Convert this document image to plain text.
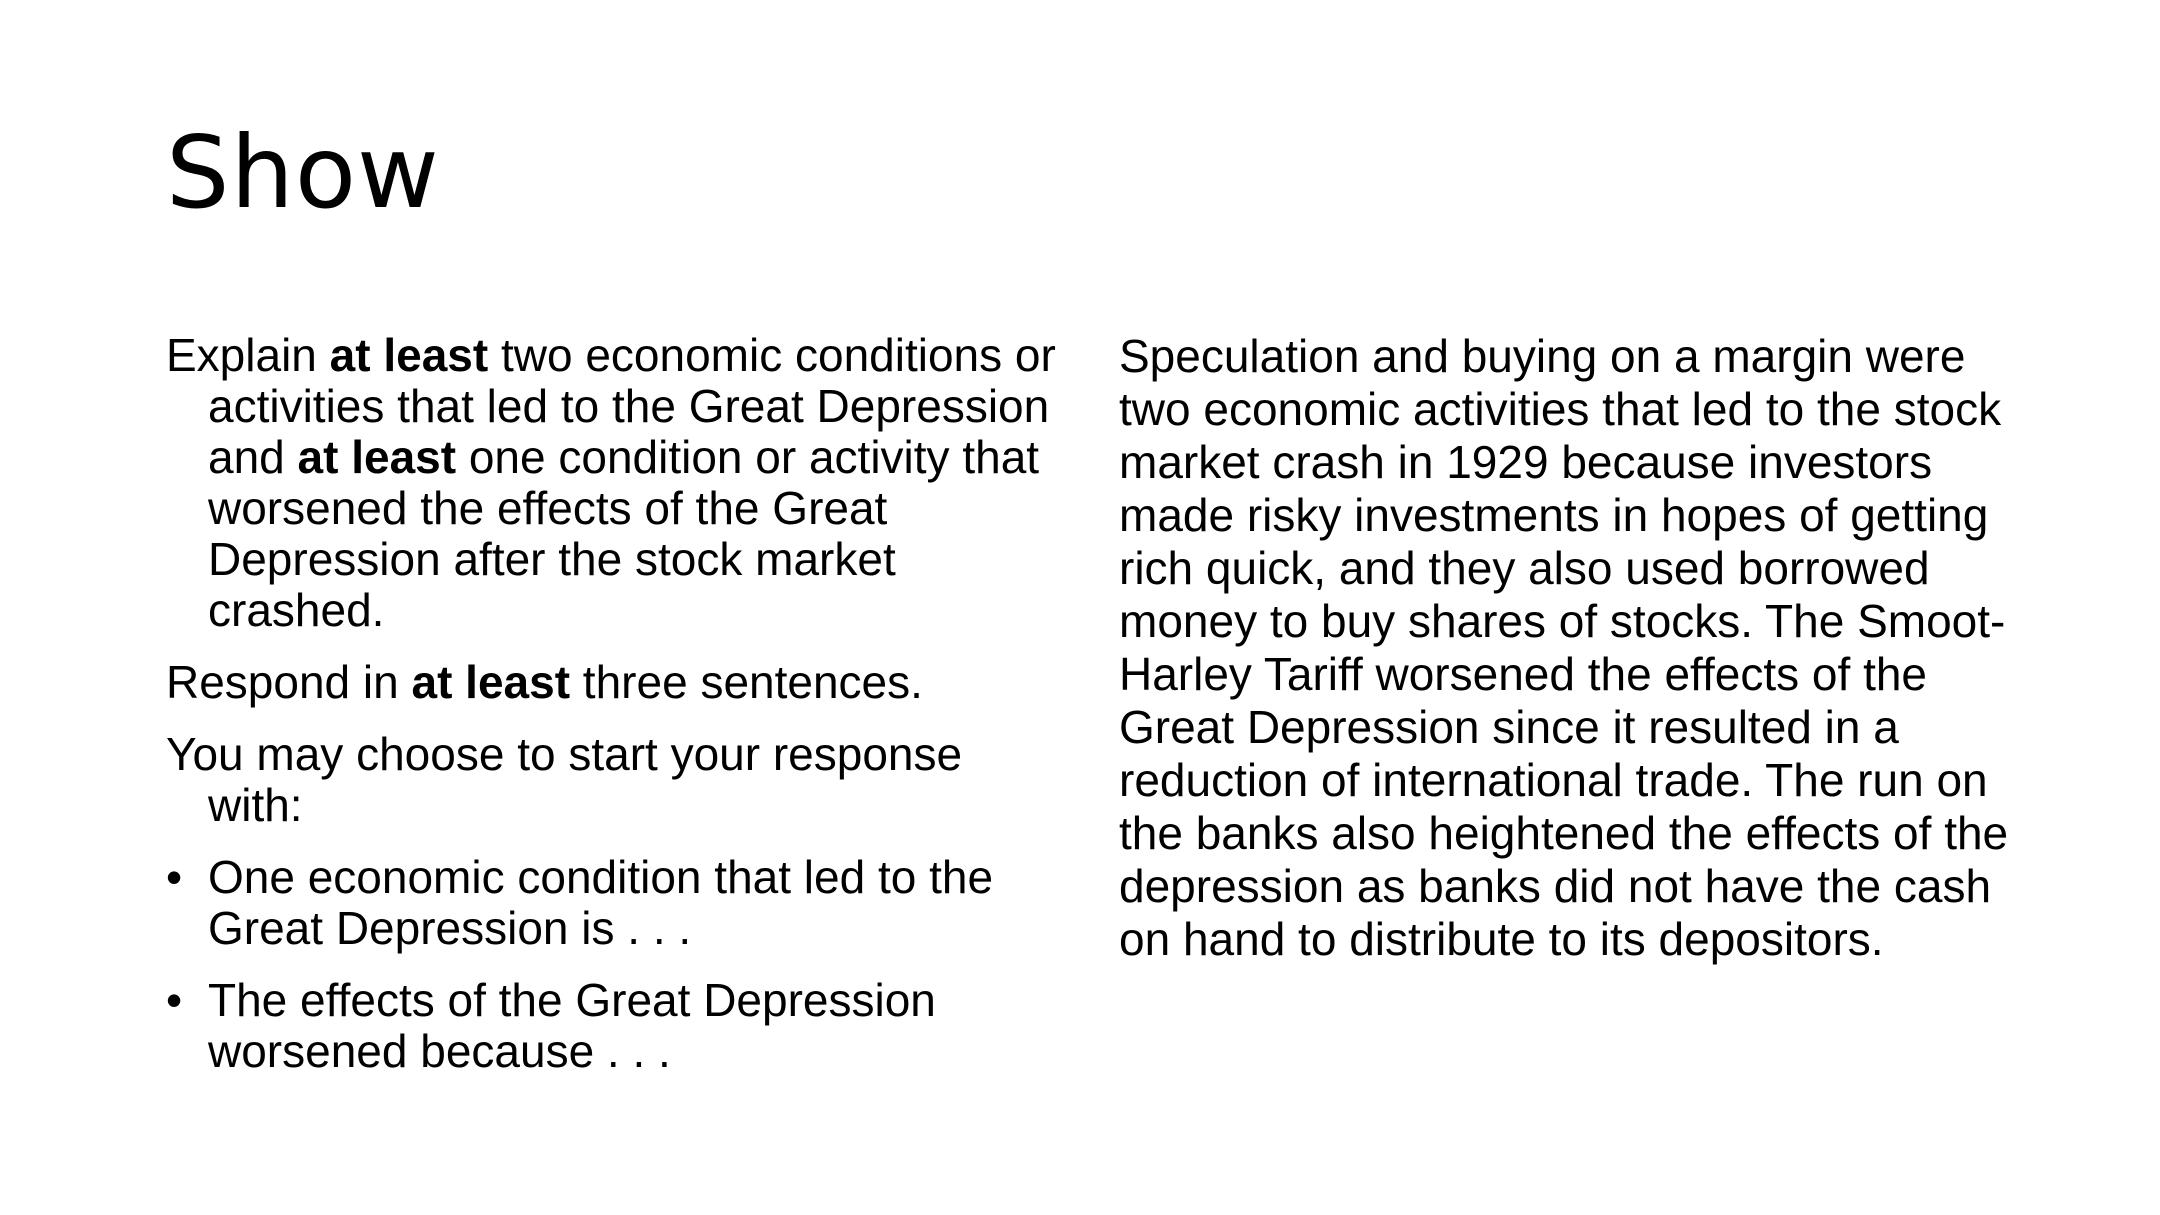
Show

Explain at least two economic conditions or activities that led to the Great Depression and at least one condition or activity that worsened the effects of the Great Depression after the stock market crashed.

Respond in at least three sentences.

You may choose to start your response with:

• One economic condition that led to the Great Depression is . . .
• The effects of the Great Depression worsened because . . .

Speculation and buying on a margin were two economic activities that led to the stock market crash in 1929 because investors made risky investments in hopes of getting rich quick, and they also used borrowed money to buy shares of stocks. The Smoot-Harley Tariff worsened the effects of the Great Depression since it resulted in a reduction of international trade. The run on the banks also heightened the effects of the depression as banks did not have the cash on hand to distribute to its depositors.
